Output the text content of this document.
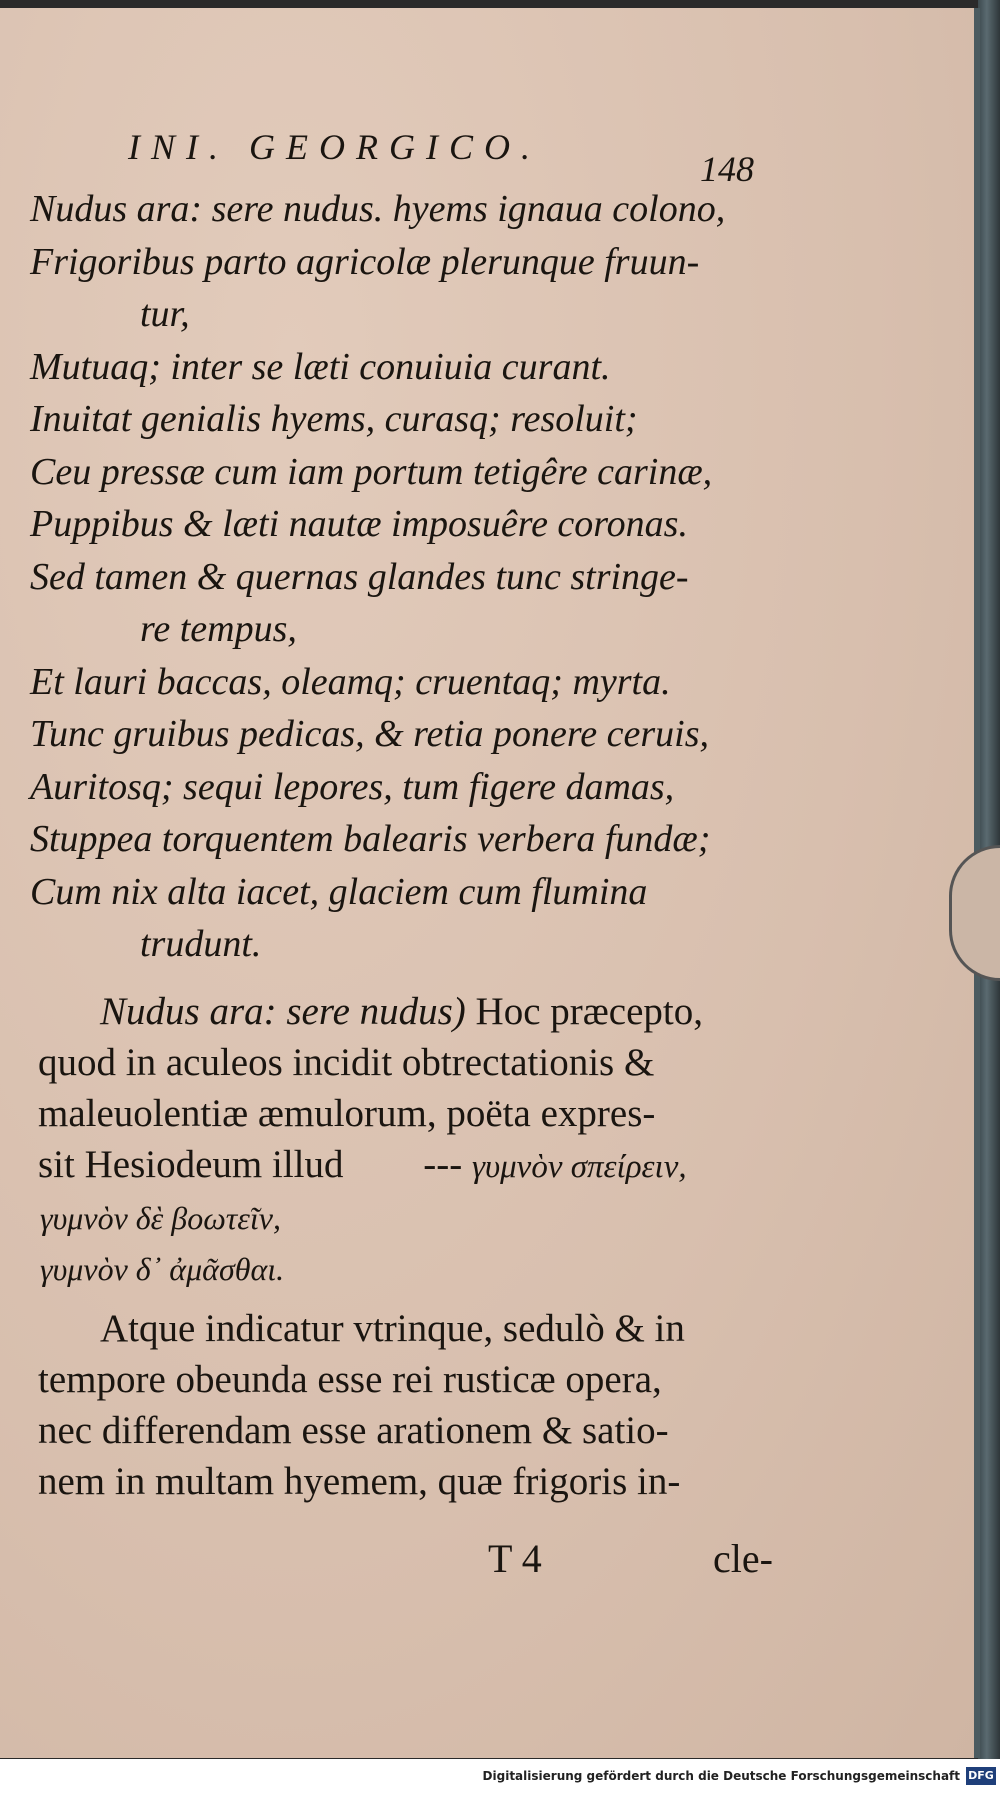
INI. GEORGICO.
148
Nudus ara: sere nudus. hyems ignaua colono,
Frigoribus parto agricolæ plerunque fruun-
tur,
Mutuaq; inter se læti conuiuia curant.
Inuitat genialis hyems, curasq; resoluit;
Ceu pressæ cum iam portum tetigêre carinæ,
Puppibus & læti nautæ imposuêre coronas.
Sed tamen & quernas glandes tunc stringe-
re tempus,
Et lauri baccas, oleamq; cruentaq; myrta.
Tunc gruibus pedicas, & retia ponere ceruis,
Auritosq; sequi lepores, tum figere damas,
Stuppea torquentem balearis verbera fundæ;
Cum nix alta iacet, glaciem cum flumina
trudunt.

Nudus ara: sere nudus) Hoc præcepto,

quod in aculeos incidit obtrectationis &

maleuolentiæ æmulorum, poëta expres-

sit Hesiodeum illud --- γυμνὸν σπείρειν,

γυμνὸν δὲ βοωτεῖν,

γυμνὸν δ᾽ ἀμᾶσθαι.

Atque indicatur vtrinque, sedulò & in

tempore obeunda esse rei rusticæ opera,

nec differendam esse arationem & satio-

nem in multam hyemem, quæ frigoris in-

T 4	cle-
Digitalisierung gefördert durch die Deutsche Forschungsgemeinschaft DFG
